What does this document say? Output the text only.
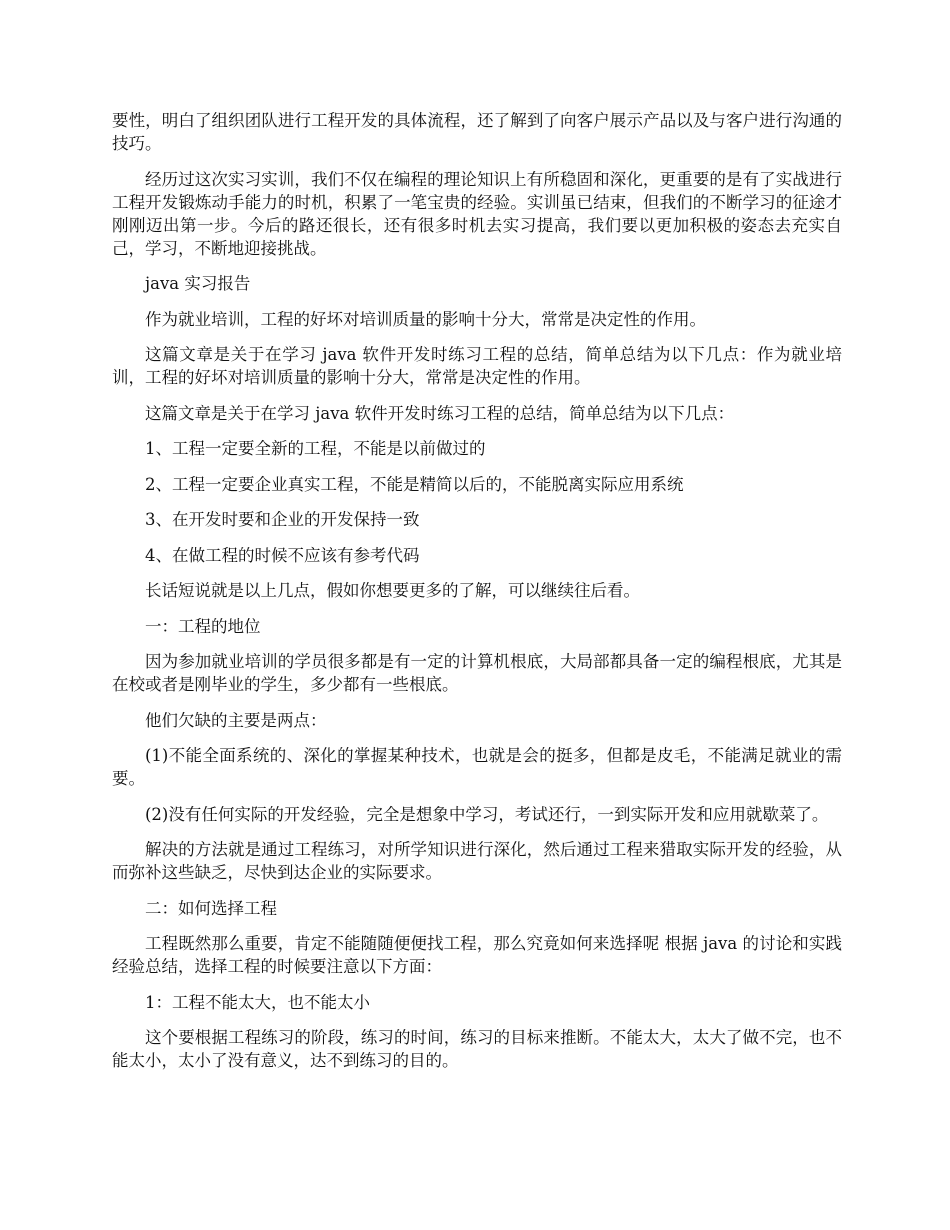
要性，明白了组织团队进行工程开发的具体流程，还了解到了向客户展示产品以及与客户进行沟通的技巧。

经历过这次实习实训，我们不仅在编程的理论知识上有所稳固和深化，更重要的是有了实战进行工程开发锻炼动手能力的时机，积累了一笔宝贵的经验。实训虽已结束，但我们的不断学习的征途才刚刚迈出第一步。今后的路还很长，还有很多时机去实习提高，我们要以更加积极的姿态去充实自己，学习，不断地迎接挑战。

java 实习报告

作为就业培训，工程的好坏对培训质量的影响十分大，常常是决定性的作用。

这篇文章是关于在学习 java 软件开发时练习工程的总结，简单总结为以下几点：作为就业培训，工程的好坏对培训质量的影响十分大，常常是决定性的作用。

这篇文章是关于在学习 java 软件开发时练习工程的总结，简单总结为以下几点：

1、工程一定要全新的工程，不能是以前做过的

2、工程一定要企业真实工程，不能是精简以后的，不能脱离实际应用系统

3、在开发时要和企业的开发保持一致

4、在做工程的时候不应该有参考代码

长话短说就是以上几点，假如你想要更多的了解，可以继续往后看。

一：工程的地位

因为参加就业培训的学员很多都是有一定的计算机根底，大局部都具备一定的编程根底，尤其是在校或者是刚毕业的学生，多少都有一些根底。

他们欠缺的主要是两点：

(1)不能全面系统的、深化的掌握某种技术，也就是会的挺多，但都是皮毛，不能满足就业的需要。

(2)没有任何实际的开发经验，完全是想象中学习，考试还行，一到实际开发和应用就歇菜了。

解决的方法就是通过工程练习，对所学知识进行深化，然后通过工程来猎取实际开发的经验，从而弥补这些缺乏，尽快到达企业的实际要求。

二：如何选择工程

工程既然那么重要，肯定不能随随便便找工程，那么究竟如何来选择呢 根据 java 的讨论和实践经验总结，选择工程的时候要注意以下方面：

1：工程不能太大，也不能太小

这个要根据工程练习的阶段，练习的时间，练习的目标来推断。不能太大，太大了做不完，也不能太小，太小了没有意义，达不到练习的目的。
